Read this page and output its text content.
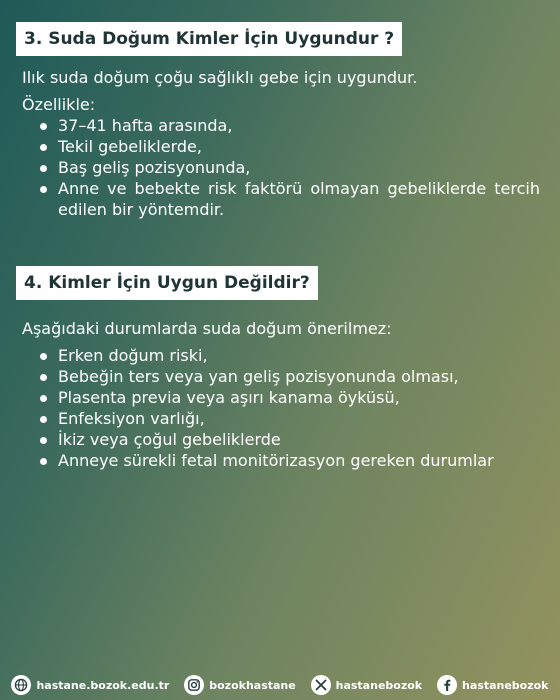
3. Suda Doğum Kimler İçin Uygundur ?
Ilık suda doğum çoğu sağlıklı gebe için uygundur.
Özellikle:
37–41 hafta arasında,
Tekil gebeliklerde,
Baş geliş pozisyonunda,
Anne ve bebekte risk faktörü olmayan gebeliklerde tercih edilen bir yöntemdir.
4. Kimler İçin Uygun Değildir?
Aşağıdaki durumlarda suda doğum önerilmez:
Erken doğum riski,
Bebeğin ters veya yan geliş pozisyonunda olması,
Plasenta previa veya aşırı kanama öyküsü,
Enfeksiyon varlığı,
İkiz veya çoğul gebeliklerde
Anneye sürekli fetal monitörizasyon gereken durumlar
hastane.bozok.edu.tr	bozokhastane	hastanebozok	hastanebozok
